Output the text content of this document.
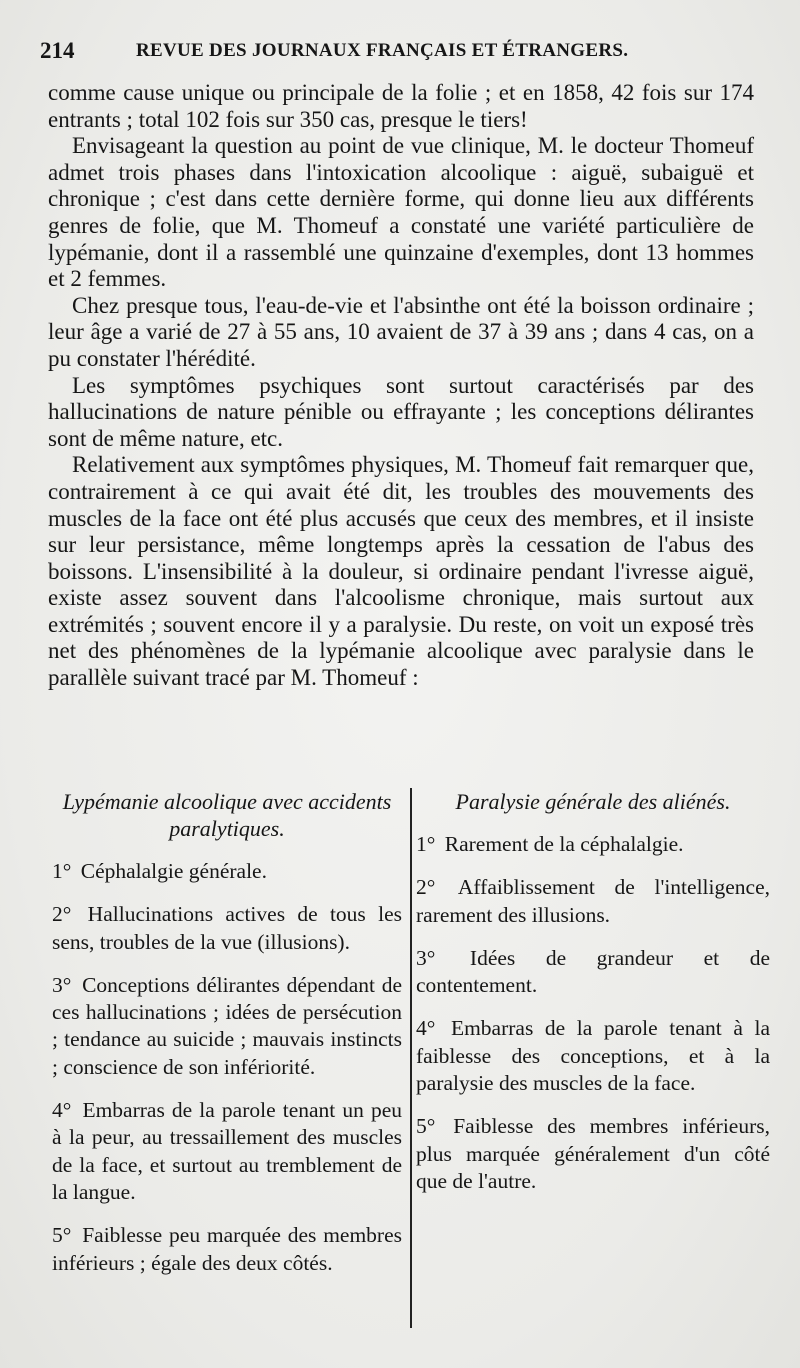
214	REVUE DES JOURNAUX FRANÇAIS ET ÉTRANGERS.

comme cause unique ou principale de la folie ; et en 1858, 42 fois sur 174 entrants ; total 102 fois sur 350 cas, presque le tiers!

Envisageant la question au point de vue clinique, M. le docteur Thomeuf admet trois phases dans l'intoxication alcoolique : aiguë, subaiguë et chronique ; c'est dans cette dernière forme, qui donne lieu aux différents genres de folie, que M. Thomeuf a constaté une variété particulière de lypémanie, dont il a rassemblé une quinzaine d'exemples, dont 13 hommes et 2 femmes.

Chez presque tous, l'eau-de-vie et l'absinthe ont été la boisson ordinaire ; leur âge a varié de 27 à 55 ans, 10 avaient de 37 à 39 ans ; dans 4 cas, on a pu constater l'hérédité.

Les symptômes psychiques sont surtout caractérisés par des hallucinations de nature pénible ou effrayante ; les conceptions délirantes sont de même nature, etc.

Relativement aux symptômes physiques, M. Thomeuf fait remarquer que, contrairement à ce qui avait été dit, les troubles des mouvements des muscles de la face ont été plus accusés que ceux des membres, et il insiste sur leur persistance, même longtemps après la cessation de l'abus des boissons. L'insensibilité à la douleur, si ordinaire pendant l'ivresse aiguë, existe assez souvent dans l'alcoolisme chronique, mais surtout aux extrémités ; souvent encore il y a paralysie. Du reste, on voit un exposé très net des phénomènes de la lypémanie alcoolique avec paralysie dans le parallèle suivant tracé par M. Thomeuf :

Lypémanie alcoolique avec accidents paralytiques.
1° Céphalalgie générale.
2° Hallucinations actives de tous les sens, troubles de la vue (illusions).
3° Conceptions délirantes dépendant de ces hallucinations ; idées de persécution ; tendance au suicide ; mauvais instincts ; conscience de son infériorité.
4° Embarras de la parole tenant un peu à la peur, au tressaillement des muscles de la face, et surtout au tremblement de la langue.
5° Faiblesse peu marquée des membres inférieurs ; égale des deux côtés.
Paralysie générale des aliénés.
1° Rarement de la céphalalgie.
2° Affaiblissement de l'intelligence, rarement des illusions.
3° Idées de grandeur et de contentement.
4° Embarras de la parole tenant à la faiblesse des conceptions, et à la paralysie des muscles de la face.
5° Faiblesse des membres inférieurs, plus marquée généralement d'un côté que de l'autre.
